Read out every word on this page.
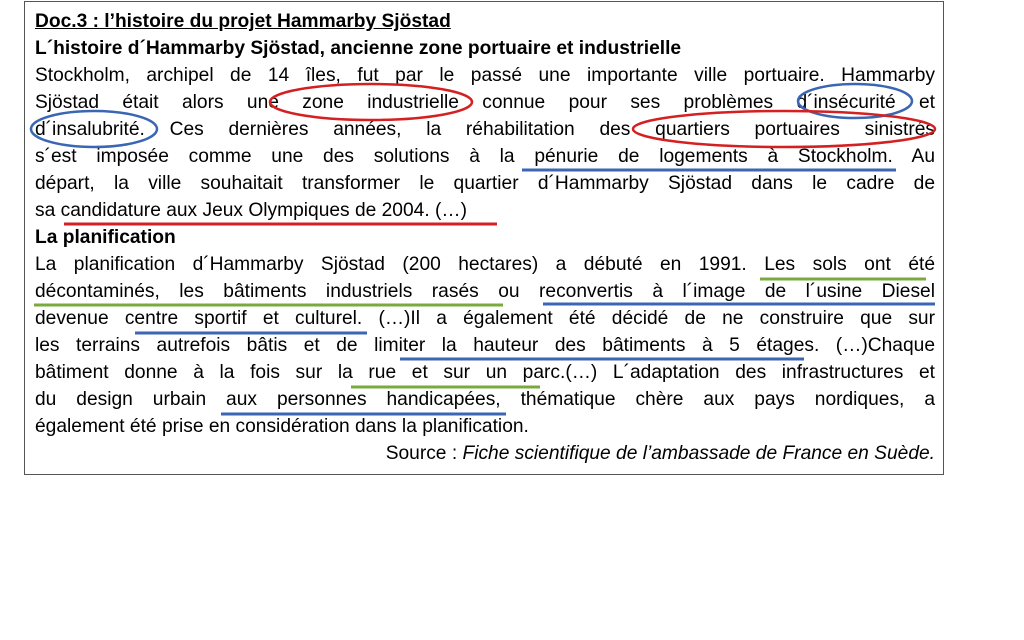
Doc.3 : l’histoire du projet Hammarby Sjöstad
L´histoire d´Hammarby Sjöstad, ancienne zone portuaire et industrielle
Stockholm, archipel de 14 îles, fut par le passé une importante ville portuaire. Hammarby
Sjöstad était alors une zone industrielle connue pour ses problèmes d´insécurité et
d´insalubrité. Ces dernières années, la réhabilitation des quartiers portuaires sinistrés
s´est imposée comme une des solutions à la pénurie de logements à Stockholm. Au
départ, la ville souhaitait transformer le quartier d´Hammarby Sjöstad dans le cadre de
sa candidature aux Jeux Olympiques de 2004. (…)
La planification
La planification d´Hammarby Sjöstad (200 hectares) a débuté en 1991. Les sols ont été
décontaminés, les bâtiments industriels rasés ou reconvertis à l´image de l´usine Diesel
devenue centre sportif et culturel. (…)Il a également été décidé de ne construire que sur
les terrains autrefois bâtis et de limiter la hauteur des bâtiments à 5 étages. (…)Chaque
bâtiment donne à la fois sur la rue et sur un parc.(…) L´adaptation des infrastructures et
du design urbain aux personnes handicapées, thématique chère aux pays nordiques, a
également été prise en considération dans la planification.
Source : Fiche scientifique de l’ambassade de France en Suède.
